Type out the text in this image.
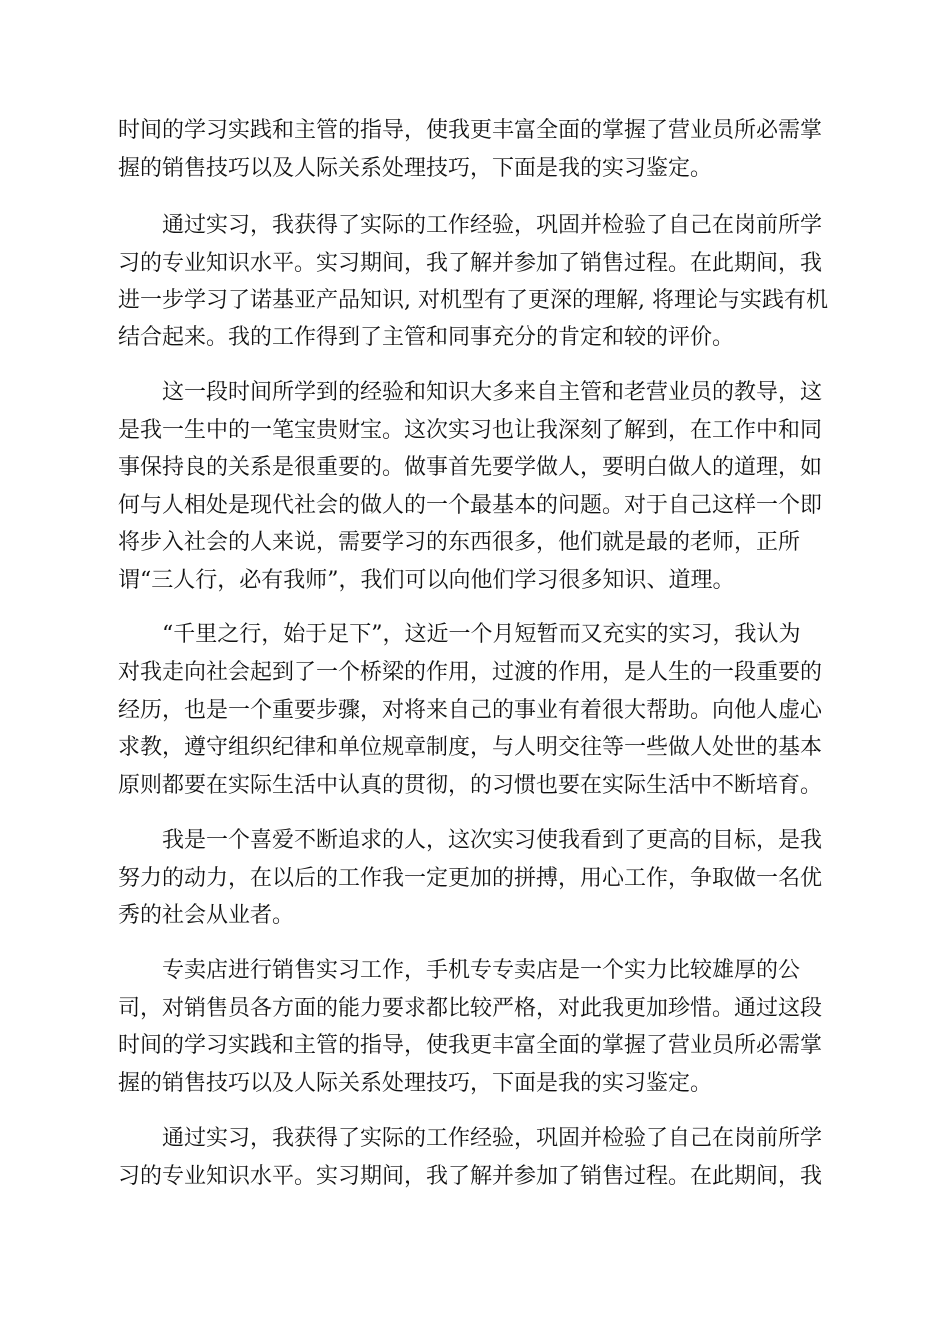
时间的学习实践和主管的指导，使我更丰富全面的掌握了营业员所必需掌
握的销售技巧以及人际关系处理技巧，下面是我的实习鉴定。
通过实习，我获得了实际的工作经验，巩固并检验了自己在岗前所学
习的专业知识水平。实习期间，我了解并参加了销售过程。在此期间，我
进一步学习了诺基亚产品知识, 对机型有了更深的理解, 将理论与实践有机
结合起来。我的工作得到了主管和同事充分的肯定和较的评价。
这一段时间所学到的经验和知识大多来自主管和老营业员的教导，这
是我一生中的一笔宝贵财宝。这次实习也让我深刻了解到，在工作中和同
事保持良的关系是很重要的。做事首先要学做人，要明白做人的道理，如
何与人相处是现代社会的做人的一个最基本的问题。对于自己这样一个即
将步入社会的人来说，需要学习的东西很多，他们就是最的老师，正所
谓“三人行，必有我师”，我们可以向他们学习很多知识、道理。
“千里之行，始于足下”，这近一个月短暂而又充实的实习，我认为
对我走向社会起到了一个桥梁的作用，过渡的作用，是人生的一段重要的
经历，也是一个重要步骤，对将来自己的事业有着很大帮助。向他人虚心
求教，遵守组织纪律和单位规章制度，与人明交往等一些做人处世的基本
原则都要在实际生活中认真的贯彻，的习惯也要在实际生活中不断培育。
我是一个喜爱不断追求的人，这次实习使我看到了更高的目标，是我
努力的动力，在以后的工作我一定更加的拼搏，用心工作，争取做一名优
秀的社会从业者。
专卖店进行销售实习工作，手机专专卖店是一个实力比较雄厚的公
司，对销售员各方面的能力要求都比较严格，对此我更加珍惜。通过这段
时间的学习实践和主管的指导，使我更丰富全面的掌握了营业员所必需掌
握的销售技巧以及人际关系处理技巧，下面是我的实习鉴定。
通过实习，我获得了实际的工作经验，巩固并检验了自己在岗前所学
习的专业知识水平。实习期间，我了解并参加了销售过程。在此期间，我
